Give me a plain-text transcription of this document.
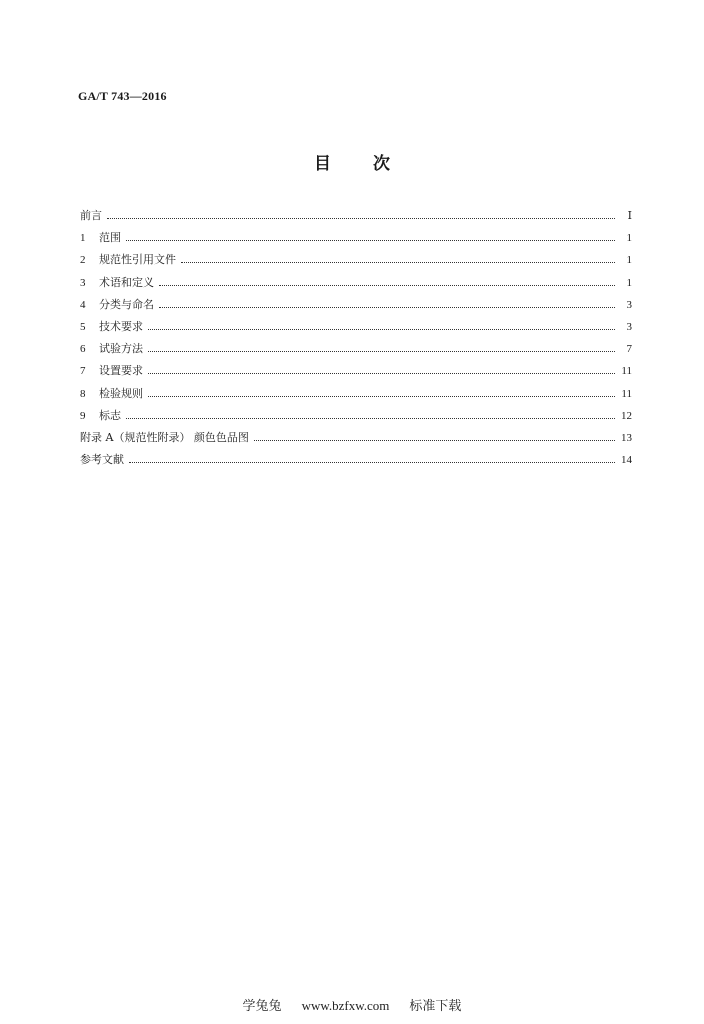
GA/T 743—2016
目 次
前言	Ⅰ
1	范围	1
2	规范性引用文件	1
3	术语和定义	1
4	分类与命名	3
5	技术要求	3
6	试验方法	7
7	设置要求	11
8	检验规则	11
9	标志	12
附录 A（规范性附录） 颜色色品图	13
参考文献	14
学兔兔 www.bzfxw.com 标准下载
